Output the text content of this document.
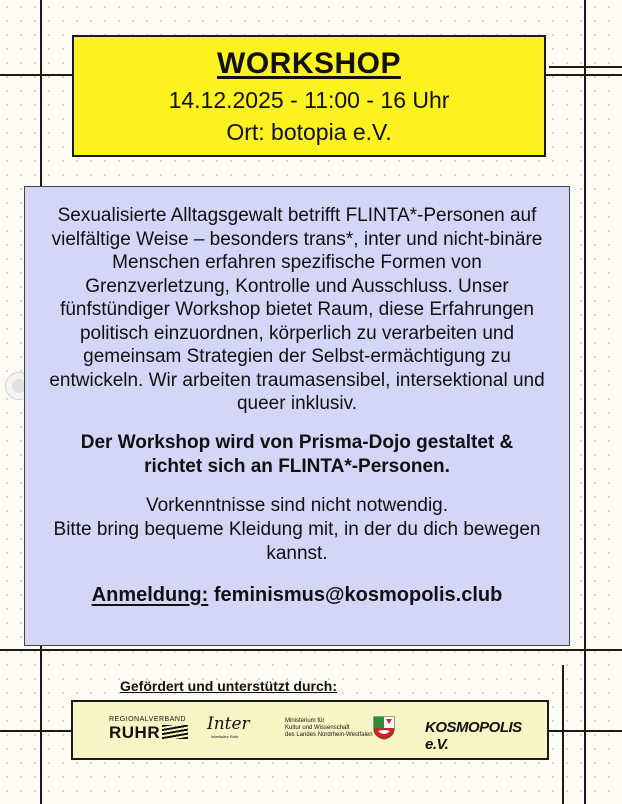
WORKSHOP
14.12.2025 - 11:00 - 16 Uhr
Ort: botopia e.V.
Sexualisierte Alltagsgewalt betrifft FLINTA*-Personen auf vielfältige Weise – besonders trans*, inter und nicht-binäre Menschen erfahren spezifische Formen von Grenzverletzung, Kontrolle und Ausschluss. Unser fünfstündiger Workshop bietet Raum, diese Erfahrungen politisch einzuordnen, körperlich zu verarbeiten und gemeinsam Strategien der Selbst-ermächtigung zu entwickeln. Wir arbeiten traumasensibel, intersektional und queer inklusiv.
Der Workshop wird von Prisma-Dojo gestaltet & richtet sich an FLINTA*-Personen.
Vorkenntnisse sind nicht notwendig.
Bitte bring bequeme Kleidung mit, in der du dich bewegen kannst.
Anmeldung: feminismus@kosmopolis.club
Gefördert und unterstützt durch:
REGIONALVERBAND
RUHR	Inter
Interkultur Ruhr
Ministerium für
Kultur und Wissenschaft
des Landes Nordrhein-Westfalen	KOSMOPOLIS e.V.
